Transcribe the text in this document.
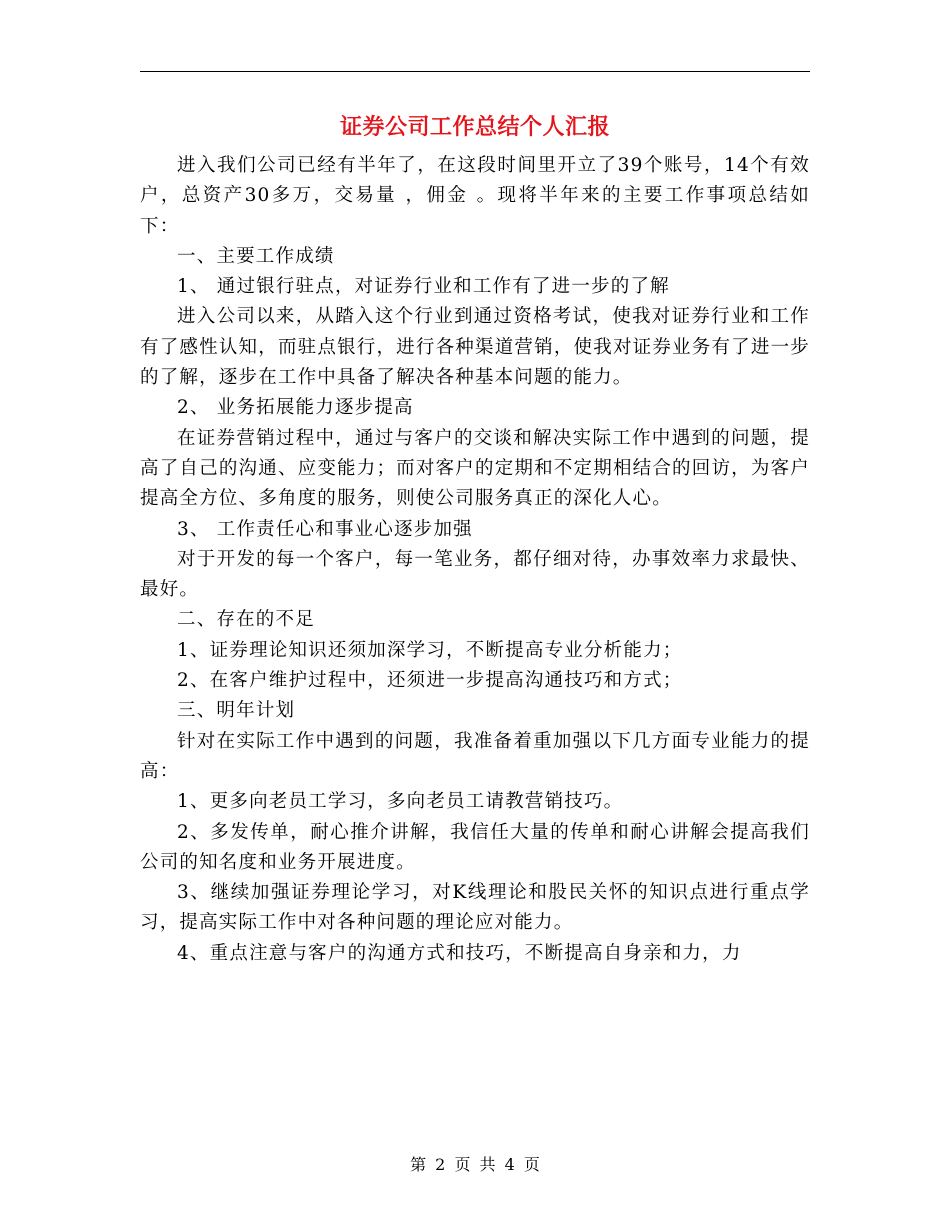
证券公司工作总结个人汇报

进入我们公司已经有半年了，在这段时间里开立了39个账号，14个有效户，总资产30多万，交易量 ，佣金 。现将半年来的主要工作事项总结如下：

一、主要工作成绩

1、 通过银行驻点，对证券行业和工作有了进一步的了解

进入公司以来，从踏入这个行业到通过资格考试，使我对证券行业和工作有了感性认知，而驻点银行，进行各种渠道营销，使我对证券业务有了进一步的了解，逐步在工作中具备了解决各种基本问题的能力。

2、 业务拓展能力逐步提高

在证券营销过程中，通过与客户的交谈和解决实际工作中遇到的问题，提高了自己的沟通、应变能力；而对客户的定期和不定期相结合的回访，为客户提高全方位、多角度的服务，则使公司服务真正的深化人心。

3、 工作责任心和事业心逐步加强

对于开发的每一个客户，每一笔业务，都仔细对待，办事效率力求最快、最好。

二、存在的不足

1、证券理论知识还须加深学习，不断提高专业分析能力；

2、在客户维护过程中，还须进一步提高沟通技巧和方式；

三、明年计划

针对在实际工作中遇到的问题，我准备着重加强以下几方面专业能力的提高：

1、更多向老员工学习，多向老员工请教营销技巧。

2、多发传单，耐心推介讲解，我信任大量的传单和耐心讲解会提高我们公司的知名度和业务开展进度。

3、继续加强证券理论学习，对K线理论和股民关怀的知识点进行重点学习，提高实际工作中对各种问题的理论应对能力。

4、重点注意与客户的沟通方式和技巧，不断提高自身亲和力，力

第 2 页 共 4 页
